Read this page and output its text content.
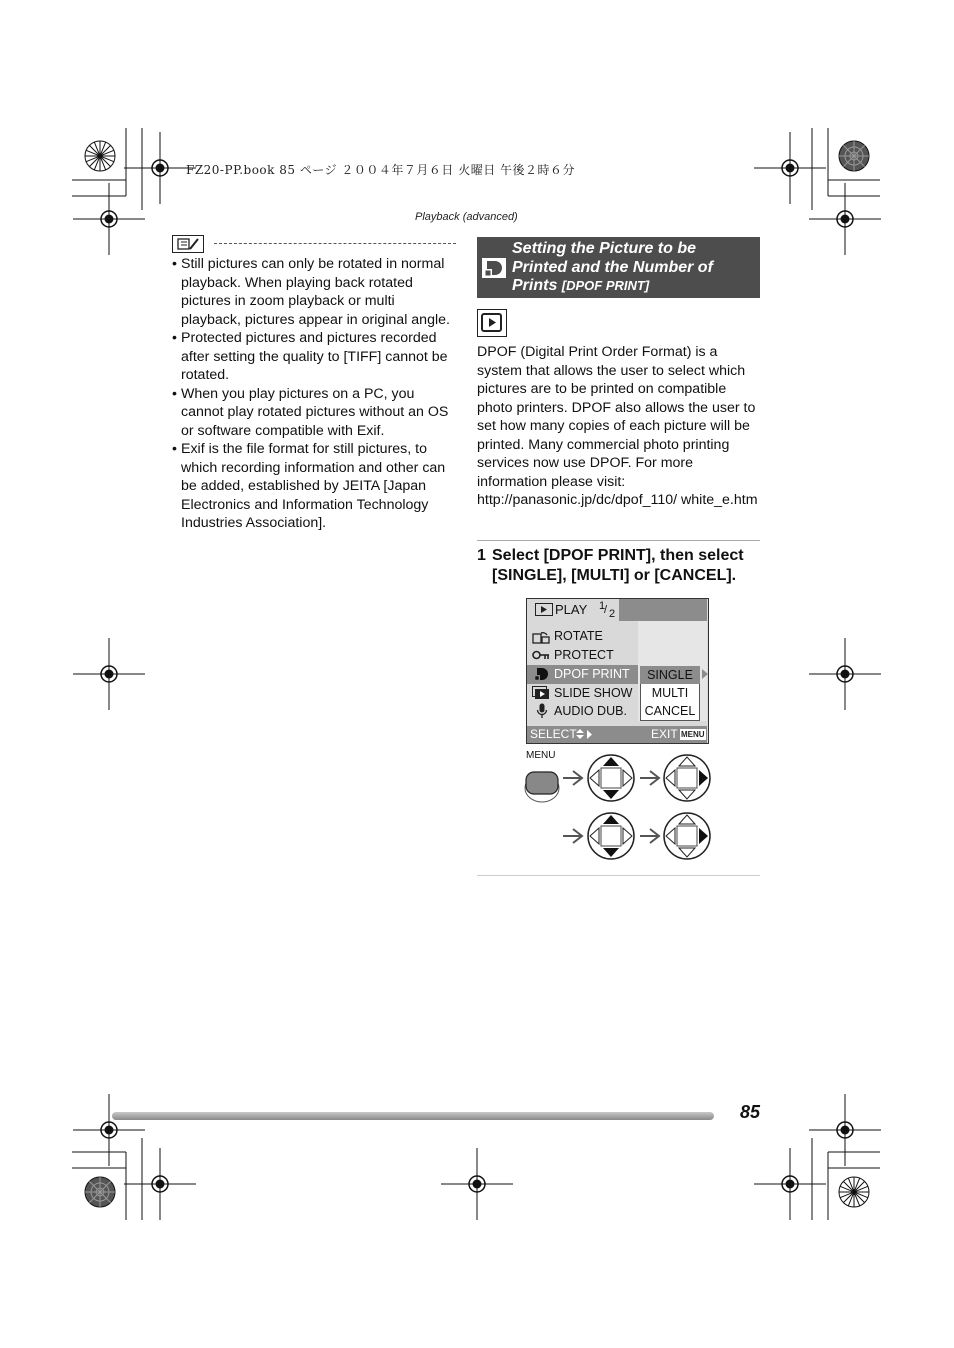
FZ20-PP.book 85 ページ ２００４年７月６日 火曜日 午後２時６分
Playback (advanced)
• Still pictures can only be rotated in normal playback. When playing back rotated pictures in zoom playback or multi playback, pictures appear in original angle.
• Protected pictures and pictures recorded after setting the quality to [TIFF] cannot be rotated.
• When you play pictures on a PC, you cannot play rotated pictures without an OS or software compatible with Exif.
• Exif is the file format for still pictures, to which recording information and other can be added, established by JEITA [Japan Electronics and Information Technology Industries Association].
Setting the Picture to be Printed and the Number of Prints [DPOF PRINT]
DPOF (Digital Print Order Format) is a system that allows the user to select which pictures are to be printed on compatible photo printers. DPOF also allows the user to set how many copies of each picture will be printed. Many commercial photo printing services now use DPOF. For more information please visit: http://panasonic.jp/dc/dpof_110/ white_e.htm
1 Select [DPOF PRINT], then select [SINGLE], [MULTI] or [CANCEL].
PLAY 1
/ 2
ROTATE
PROTECT
DPOF PRINT
SLIDE SHOW
AUDIO DUB.
SINGLE
MULTI
CANCEL
SELECT	EXIT MENU
MENU
85
